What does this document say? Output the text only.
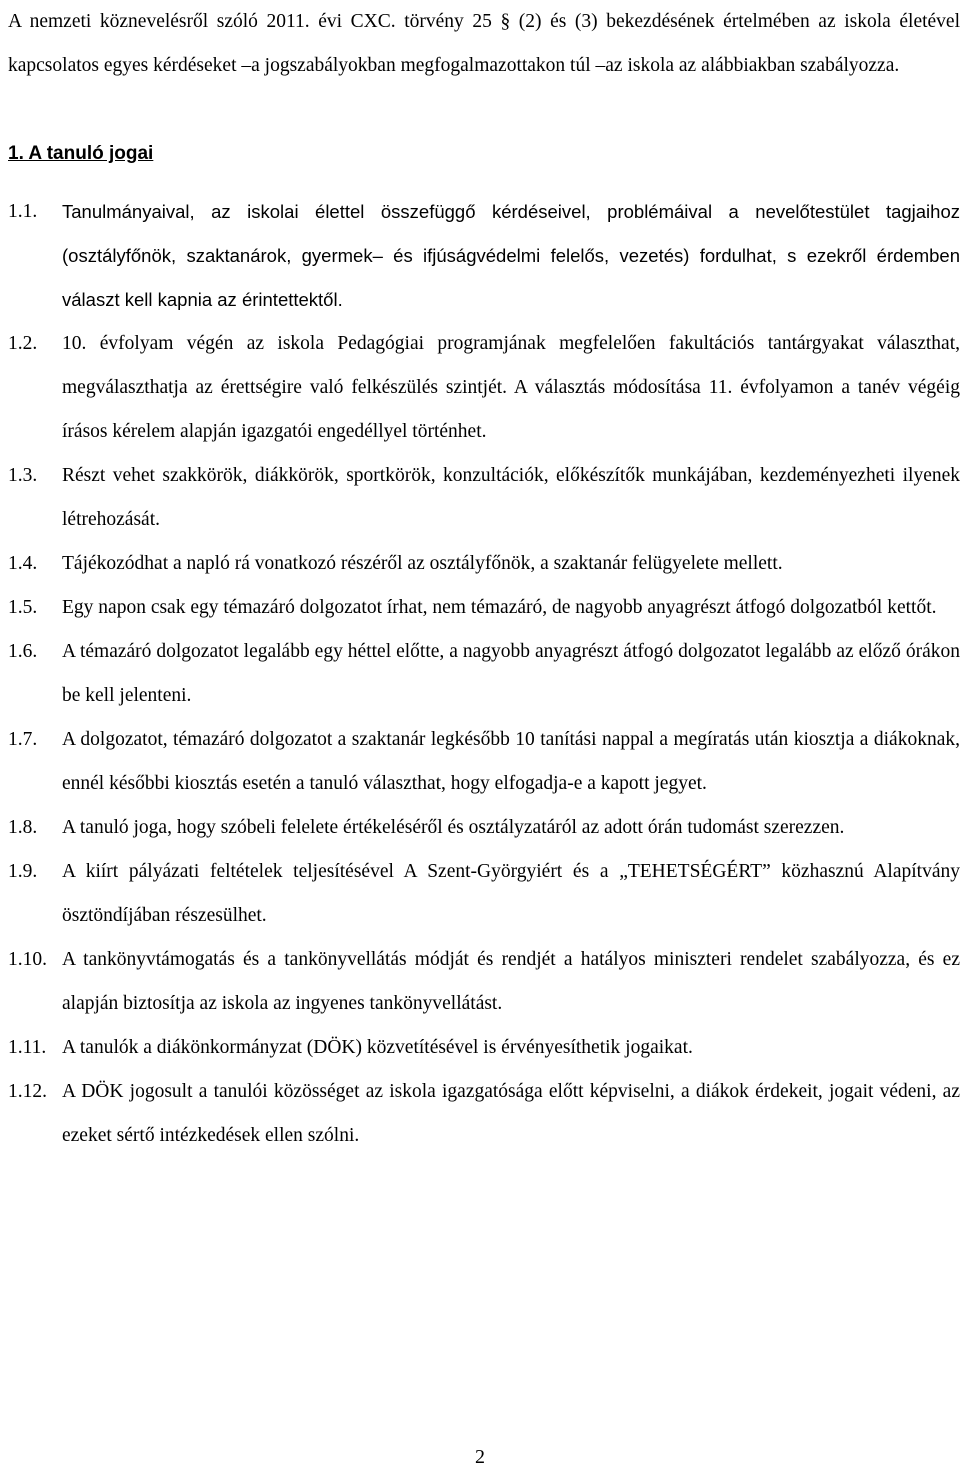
A nemzeti köznevelésről szóló 2011. évi CXC. törvény 25 § (2) és (3) bekezdésének értelmében az iskola életével kapcsolatos egyes kérdéseket –a jogszabályokban megfogalmazottakon túl –az iskola az alábbiakban szabályozza.

1. A tanuló jogai
1.1. Tanulmányaival, az iskolai élettel összefüggő kérdéseivel, problémáival a nevelőtestület tagjaihoz (osztályfőnök, szaktanárok, gyermek– és ifjúságvédelmi felelős, vezetés) fordulhat, s ezekről érdemben választ kell kapnia az érintettektől.
1.2. 10. évfolyam végén az iskola Pedagógiai programjának megfelelően fakultációs tantárgyakat választhat, megválaszthatja az érettségire való felkészülés szintjét. A választás módosítása 11. évfolyamon a tanév végéig írásos kérelem alapján igazgatói engedéllyel történhet.
1.3. Részt vehet szakkörök, diákkörök, sportkörök, konzultációk, előkészítők munkájában, kezdeményezheti ilyenek létrehozását.
1.4. Tájékozódhat a napló rá vonatkozó részéről az osztályfőnök, a szaktanár felügyelete mellett.
1.5. Egy napon csak egy témazáró dolgozatot írhat, nem témazáró, de nagyobb anyagrészt átfogó dolgozatból kettőt.
1.6. A témazáró dolgozatot legalább egy héttel előtte, a nagyobb anyagrészt átfogó dolgozatot legalább az előző órákon be kell jelenteni.
1.7. A dolgozatot, témazáró dolgozatot a szaktanár legkésőbb 10 tanítási nappal a megíratás után kiosztja a diákoknak, ennél későbbi kiosztás esetén a tanuló választhat, hogy elfogadja-e a kapott jegyet.
1.8. A tanuló joga, hogy szóbeli felelete értékeléséről és osztályzatáról az adott órán tudomást szerezzen.
1.9. A kiírt pályázati feltételek teljesítésével A Szent-Györgyiért és a „TEHETSÉGÉRT” közhasznú Alapítvány ösztöndíjában részesülhet.
1.10. A tankönyvtámogatás és a tankönyvellátás módját és rendjét a hatályos miniszteri rendelet szabályozza, és ez alapján biztosítja az iskola az ingyenes tankönyvellátást.
1.11. A tanulók a diákönkormányzat (DÖK) közvetítésével is érvényesíthetik jogaikat.
1.12. A DÖK jogosult a tanulói közösséget az iskola igazgatósága előtt képviselni, a diákok érdekeit, jogait védeni, az ezeket sértő intézkedések ellen szólni.
2
